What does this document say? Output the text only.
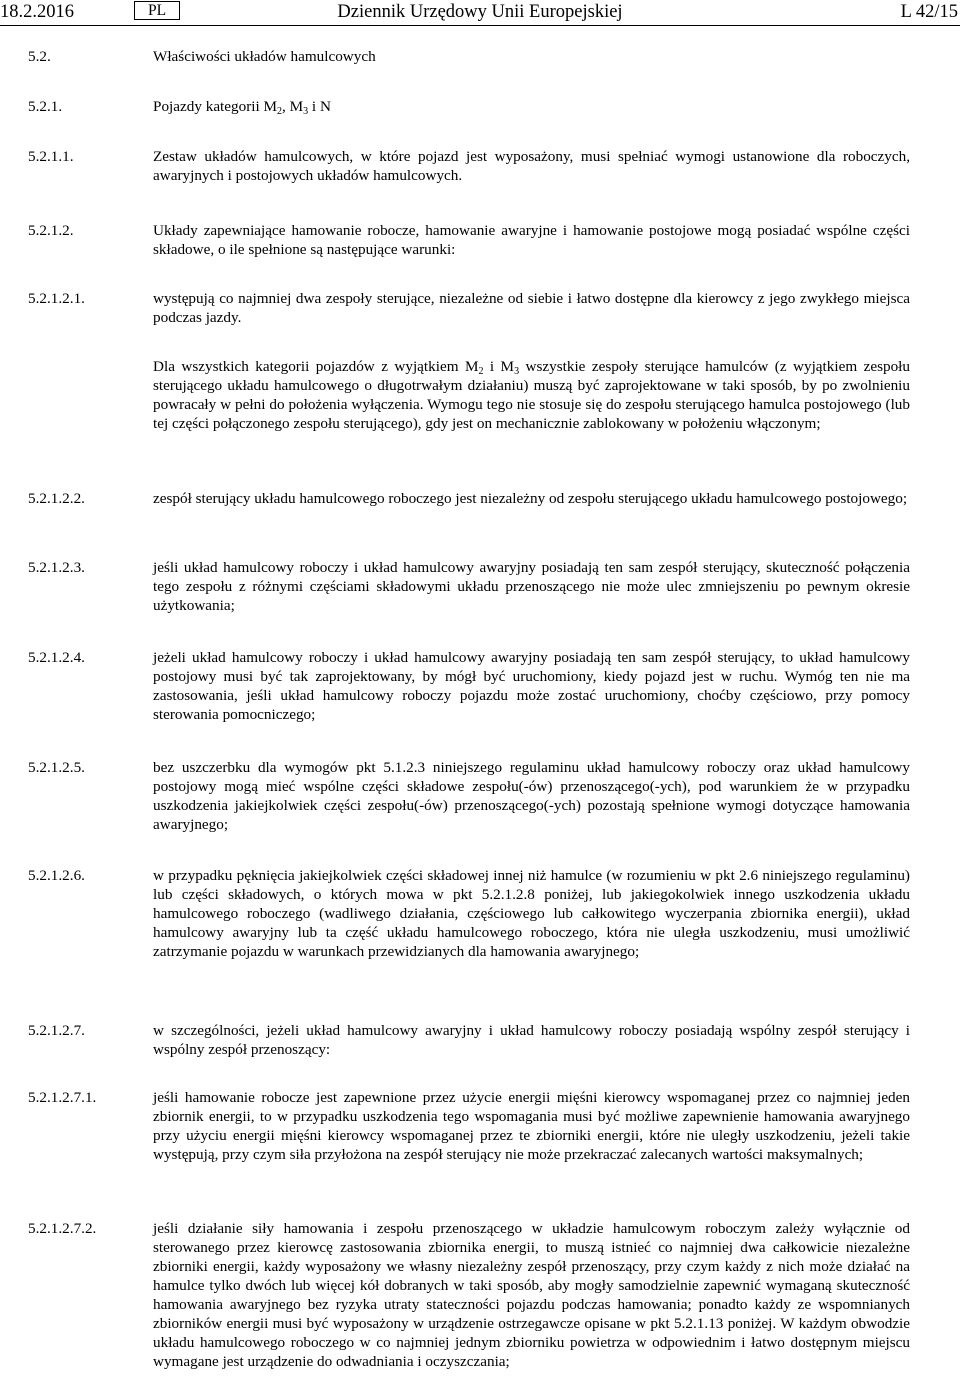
18.2.2016	PL	Dziennik Urzędowy Unii Europejskiej	L 42/15
5.2.	Właściwości układów hamulcowych
5.2.1.	Pojazdy kategorii $M_2$, $M_3$ i N
5.2.1.1.	Zestaw układów hamulcowych, w które pojazd jest wyposażony, musi spełniać wymogi ustanowione dla roboczych, awaryjnych i postojowych układów hamulcowych.
5.2.1.2.	Układy zapewniające hamowanie robocze, hamowanie awaryjne i hamowanie postojowe mogą posiadać wspólne części składowe, o ile spełnione są następujące warunki:
5.2.1.2.1.	występują co najmniej dwa zespoły sterujące, niezależne od siebie i łatwo dostępne dla kierowcy z jego zwykłego miejsca podczas jazdy.
Dla wszystkich kategorii pojazdów z wyjątkiem $M_2$ i $M_3$ wszystkie zespoły sterujące hamulców (z wyjątkiem zespołu sterującego układu hamulcowego o długotrwałym działaniu) muszą być zaprojektowane w taki sposób, by po zwolnieniu powracały w pełni do położenia wyłączenia. Wymogu tego nie stosuje się do zespołu sterującego hamulca postojowego (lub tej części połączonego zespołu sterującego), gdy jest on mechanicznie zablokowany w położeniu włączonym;
5.2.1.2.2.	zespół sterujący układu hamulcowego roboczego jest niezależny od zespołu sterującego układu hamulcowego postojowego;
5.2.1.2.3.	jeśli układ hamulcowy roboczy i układ hamulcowy awaryjny posiadają ten sam zespół sterujący, skuteczność połączenia tego zespołu z różnymi częściami składowymi układu przenoszącego nie może ulec zmniejszeniu po pewnym okresie użytkowania;
5.2.1.2.4.	jeżeli układ hamulcowy roboczy i układ hamulcowy awaryjny posiadają ten sam zespół sterujący, to układ hamulcowy postojowy musi być tak zaprojektowany, by mógł być uruchomiony, kiedy pojazd jest w ruchu. Wymóg ten nie ma zastosowania, jeśli układ hamulcowy roboczy pojazdu może zostać uruchomiony, choćby częściowo, przy pomocy sterowania pomocniczego;
5.2.1.2.5.	bez uszczerbku dla wymogów pkt 5.1.2.3 niniejszego regulaminu układ hamulcowy roboczy oraz układ hamulcowy postojowy mogą mieć wspólne części składowe zespołu(-ów) przenoszącego(-ych), pod warunkiem że w przypadku uszkodzenia jakiejkolwiek części zespołu(-ów) przenoszącego(-ych) pozostają spełnione wymogi dotyczące hamowania awaryjnego;
5.2.1.2.6.	w przypadku pęknięcia jakiejkolwiek części składowej innej niż hamulce (w rozumieniu w pkt 2.6 niniejszego regulaminu) lub części składowych, o których mowa w pkt 5.2.1.2.8 poniżej, lub jakiegokolwiek innego uszkodzenia układu hamulcowego roboczego (wadliwego działania, częściowego lub całkowitego wyczerpania zbiornika energii), układ hamulcowy awaryjny lub ta część układu hamulcowego roboczego, która nie uległa uszkodzeniu, musi umożliwić zatrzymanie pojazdu w warunkach przewidzianych dla hamowania awaryjnego;
5.2.1.2.7.	w szczególności, jeżeli układ hamulcowy awaryjny i układ hamulcowy roboczy posiadają wspólny zespół sterujący i wspólny zespół przenoszący:
5.2.1.2.7.1.	jeśli hamowanie robocze jest zapewnione przez użycie energii mięśni kierowcy wspomaganej przez co najmniej jeden zbiornik energii, to w przypadku uszkodzenia tego wspomagania musi być możliwe zapewnienie hamowania awaryjnego przy użyciu energii mięśni kierowcy wspomaganej przez te zbiorniki energii, które nie uległy uszkodzeniu, jeżeli takie występują, przy czym siła przyłożona na zespół sterujący nie może przekraczać zalecanych wartości maksymalnych;
5.2.1.2.7.2.	jeśli działanie siły hamowania i zespołu przenoszącego w układzie hamulcowym roboczym zależy wyłącznie od sterowanego przez kierowcę zastosowania zbiornika energii, to muszą istnieć co najmniej dwa całkowicie niezależne zbiorniki energii, każdy wyposażony we własny niezależny zespół przenoszący, przy czym każdy z nich może działać na hamulce tylko dwóch lub więcej kół dobranych w taki sposób, aby mogły samodzielnie zapewnić wymaganą skuteczność hamowania awaryjnego bez ryzyka utraty stateczności pojazdu podczas hamowania; ponadto każdy ze wspomnianych zbiorników energii musi być wyposażony w urządzenie ostrzegawcze opisane w pkt 5.2.1.13 poniżej. W każdym obwodzie układu hamulcowego roboczego w co najmniej jednym zbiorniku powietrza w odpowiednim i łatwo dostępnym miejscu wymagane jest urządzenie do odwadniania i oczyszczania;
